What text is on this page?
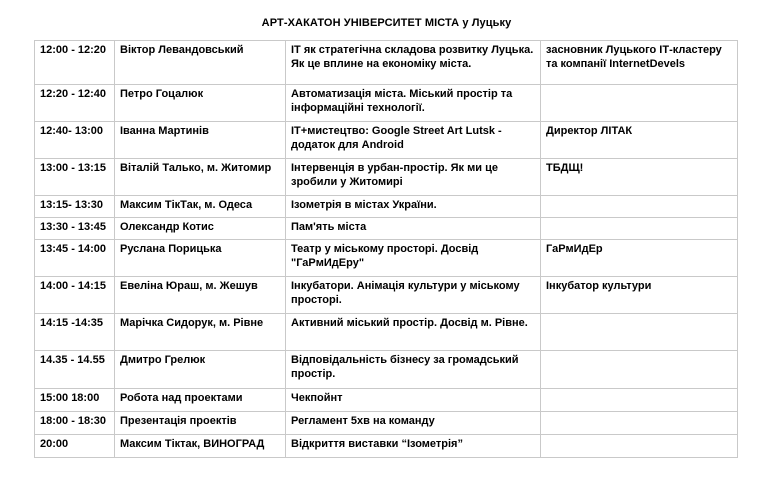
АРТ-ХАКАТОН УНІВЕРСИТЕТ МІСТА у Луцьку
12:00 - 12:20	Віктор Левандовський	ІТ як стратегічна складова розвитку Луцька. Як це вплине на економіку міста.	засновник Луцького ІТ-кластеру та компанії InternetDevels
12:20 - 12:40	Петро Гоцалюк	Автоматизація міста. Міський простір та інформаційні технології.	
12:40- 13:00	Іванна Мартинів	ІТ+мистецтво: Google Street Art Lutsk - додаток для Android	Директор ЛІТАК
13:00 - 13:15	Віталій Талько, м. Житомир	Інтервенція в урбан-простір. Як ми це зробили у Житомирі	ТБДЩ!
13:15- 13:30	Максим ТікТак, м. Одеса	Ізометрія в містах України.	
13:30 - 13:45	Олександр Котис	Пам'ять міста	
13:45 - 14:00	Руслана Порицька	Театр у міському просторі. Досвід "ГаРмИдЕру"	ГаРмИдЕр
14:00 - 14:15	Евеліна Юраш, м. Жешув	Інкубатори. Анімація культури у міському просторі.	Інкубатор культури
14:15 -14:35	Марічка Сидорук, м. Рівне	Активний міський простір. Досвід м. Рівне.	
14.35 - 14.55	Дмитро Грелюк	Відповідальність бізнесу за громадський простір.	
15:00 18:00	Робота над проектами	Чекпойнт	
18:00 - 18:30	Презентація проектів	Регламент 5хв на команду	
20:00	Максим Тіктак, ВИНОГРАД	Відкриття виставки “Ізометрія”	
